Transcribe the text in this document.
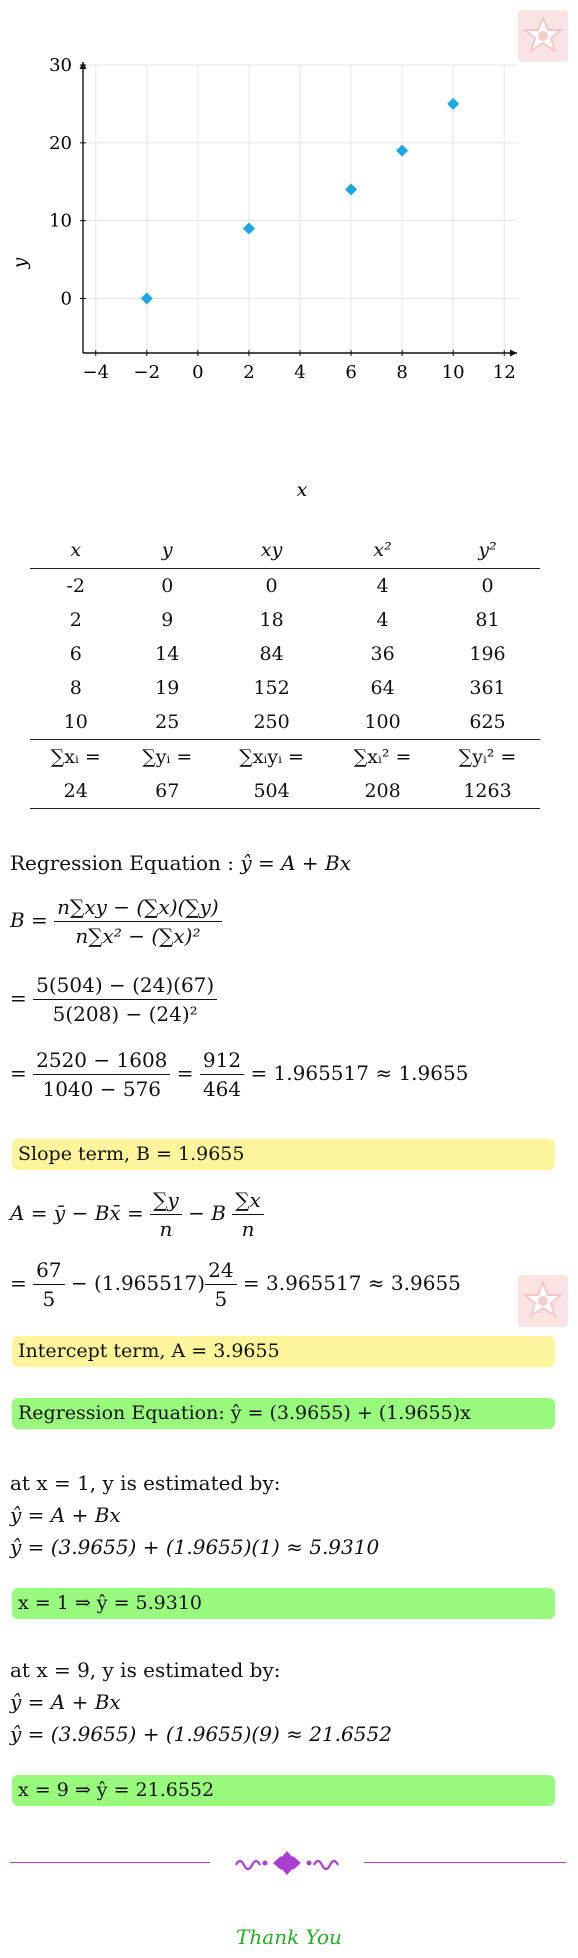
−4 −2 0 2 4 6 8 10 12
0
10
20
30
x
y
x	y	xy	x²	y²
-2	0	0	4	0
2	9	18	4	81
6	14	84	36	196
8	19	152	64	361
10	25	250	100	625
∑xᵢ =	∑yᵢ =	∑xᵢyᵢ =	∑xᵢ² =	∑yᵢ² =
24	67	504	208	1263
Regression Equation : ŷ = A + Bx
$B = \frac{n\sum xy - (\sum x)(\sum y)}{\text{n∑x² − (∑x)²}}$
= $\frac{5(504) - (24)(67)}{\text{5(208) − (24)²}}$
= $\frac{2520 - 1608}{1040 - 576} = \frac{912}{464} = 1.965517 \approx 1.9655$
Slope term, B = 1.9655
A = ȳ − Bx̄ = $\frac{\sum y}{n} - B \frac{\sum x}{n}$
= $\frac{67}{5} - (1.965517) \frac{24}{5} = 3.965517 \approx 3.9655$
Intercept term, A = 3.9655
Regression Equation: ŷ = (3.9655) + (1.9655)x
at x = 1, y is estimated by:
ŷ = A + Bx
ŷ = (3.9655) + (1.9655)(1) ≈ 5.9310
x = 1 ⇒ ŷ = 5.9310
at x = 9, y is estimated by:
ŷ = A + Bx
ŷ = (3.9655) + (1.9655)(9) ≈ 21.6552
x = 9 ⇒ ŷ = 21.6552
Thank You
